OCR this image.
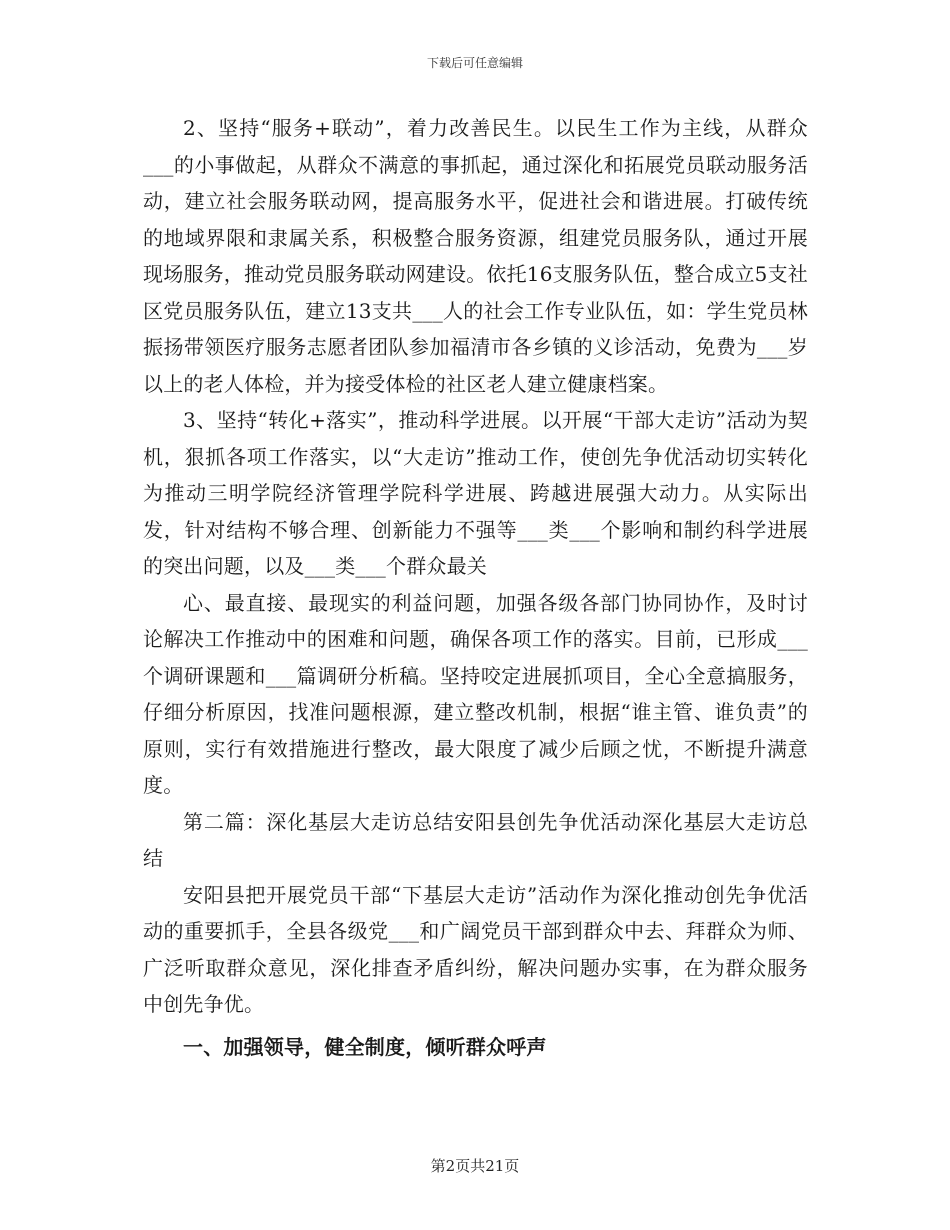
下载后可任意编辑

2、坚持“服务+联动”，着力改善民生。以民生工作为主线，从群众___的小事做起，从群众不满意的事抓起，通过深化和拓展党员联动服务活动，建立社会服务联动网，提高服务水平，促进社会和谐进展。打破传统的地域界限和隶属关系，积极整合服务资源，组建党员服务队，通过开展现场服务，推动党员服务联动网建设。依托16支服务队伍，整合成立5支社区党员服务队伍，建立13支共___人的社会工作专业队伍，如：学生党员林振扬带领医疗服务志愿者团队参加福清市各乡镇的义诊活动，免费为___岁以上的老人体检，并为接受体检的社区老人建立健康档案。

3、坚持“转化+落实”，推动科学进展。以开展“干部大走访”活动为契机，狠抓各项工作落实，以“大走访”推动工作，使创先争优活动切实转化为推动三明学院经济管理学院科学进展、跨越进展强大动力。从实际出发，针对结构不够合理、创新能力不强等___类___个影响和制约科学进展的突出问题，以及___类___个群众最关

心、最直接、最现实的利益问题，加强各级各部门协同协作，及时讨论解决工作推动中的困难和问题，确保各项工作的落实。目前，已形成___个调研课题和___篇调研分析稿。坚持咬定进展抓项目，全心全意搞服务，仔细分析原因，找准问题根源，建立整改机制，根据“谁主管、谁负责”的原则，实行有效措施进行整改，最大限度了减少后顾之忧，不断提升满意度。

第二篇：深化基层大走访总结安阳县创先争优活动深化基层大走访总结

安阳县把开展党员干部“下基层大走访”活动作为深化推动创先争优活动的重要抓手，全县各级党___和广阔党员干部到群众中去、拜群众为师、广泛听取群众意见，深化排查矛盾纠纷，解决问题办实事，在为群众服务中创先争优。

一、加强领导，健全制度，倾听群众呼声

第2页共21页
